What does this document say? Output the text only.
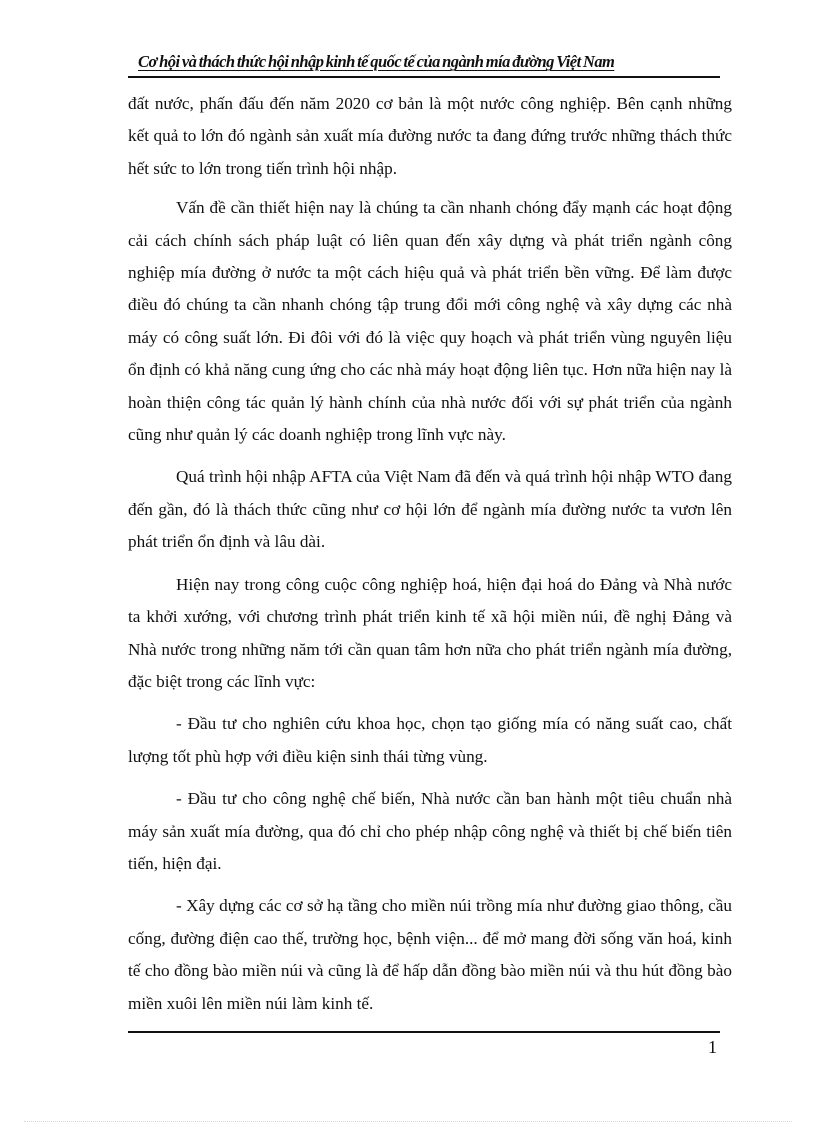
Cơ hội và thách thức hội nhập kinh tế quốc tế của ngành mía đường Việt Nam

đất nước, phấn đấu đến năm 2020 cơ bản là một nước công nghiệp. Bên cạnh những kết quả to lớn đó ngành sản xuất mía đường nước ta đang đứng trước những thách thức hết sức to lớn trong tiến trình hội nhập.

Vấn đề cần thiết hiện nay là chúng ta cần nhanh chóng đẩy mạnh các hoạt động cải cách chính sách pháp luật có liên quan đến xây dựng và phát triển ngành công nghiệp mía đường ở nước ta một cách hiệu quả và phát triển bền vững. Để làm được điều đó chúng ta cần nhanh chóng tập trung đổi mới công nghệ và xây dựng các nhà máy có công suất lớn. Đi đôi với đó là việc quy hoạch và phát triển vùng nguyên liệu ổn định có khả năng cung ứng cho các nhà máy hoạt động liên tục. Hơn nữa hiện nay là hoàn thiện công tác quản lý hành chính của nhà nước đối với sự phát triển của ngành cũng như quản lý các doanh nghiệp trong lĩnh vực này.

Quá trình hội nhập AFTA của Việt Nam đã đến và quá trình hội nhập WTO đang đến gần, đó là thách thức cũng như cơ hội lớn để ngành mía đường nước ta vươn lên phát triển ổn định và lâu dài.

Hiện nay trong công cuộc công nghiệp hoá, hiện đại hoá do Đảng và Nhà nước ta khởi xướng, với chương trình phát triển kinh tế xã hội miền núi, đề nghị Đảng và Nhà nước trong những năm tới cần quan tâm hơn nữa cho phát triển ngành mía đường, đặc biệt trong các lĩnh vực:

- Đầu tư cho nghiên cứu khoa học, chọn tạo giống mía có năng suất cao, chất lượng tốt phù hợp với điều kiện sinh thái từng vùng.

- Đầu tư cho công nghệ chế biến, Nhà nước cần ban hành một tiêu chuẩn nhà máy sản xuất mía đường, qua đó chỉ cho phép nhập công nghệ và thiết bị chế biến tiên tiến, hiện đại.

- Xây dựng các cơ sở hạ tầng cho miền núi trồng mía như đường giao thông, cầu cống, đường điện cao thế, trường học, bệnh viện... để mở mang đời sống văn hoá, kinh tế cho đồng bào miền núi và cũng là để hấp dẫn đồng bào miền núi và thu hút đồng bào miền xuôi lên miền núi làm kinh tế.

1
